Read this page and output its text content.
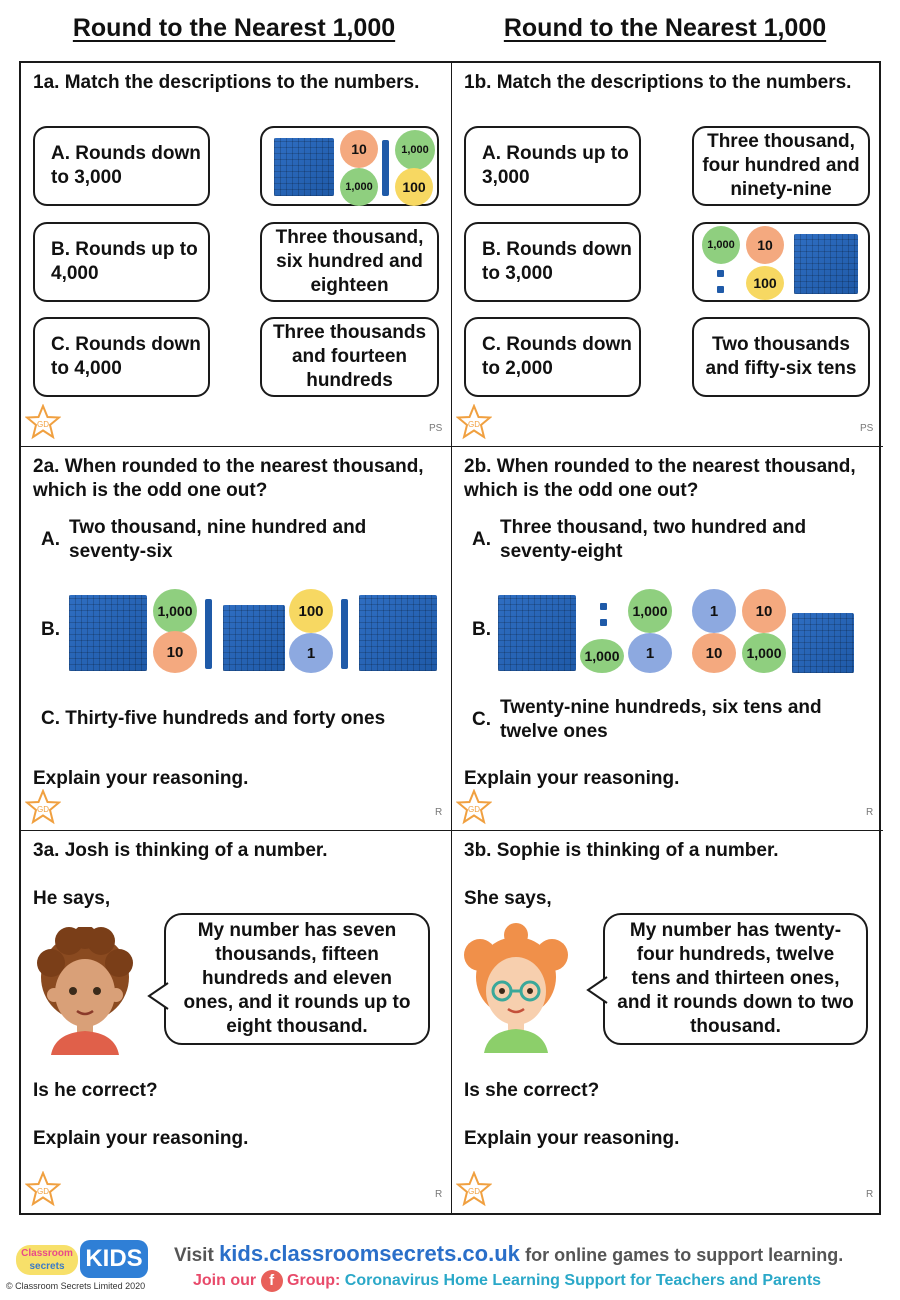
Round to the Nearest 1,000	Round to the Nearest 1,000
1a. Match the descriptions to the numbers.
A. Rounds down to 3,000
B. Rounds up to 4,000
C. Rounds down to 4,000
10	1,000
1,000	100
Three thousand, six hundred and eighteen
Three thousands and fourteen hundreds
GD	PS
1b. Match the descriptions to the numbers.
A. Rounds up to 3,000
B. Rounds down to 3,000
C. Rounds down to 2,000
Three thousand, four hundred and ninety-nine
1,000	10
100
Two thousands and fifty-six tens
GD	PS
2a. When rounded to the nearest thousand, which is the odd one out?
A.
Two thousand, nine hundred and seventy-six
B.
1,000
10
100
1
C. Thirty-five hundreds and forty ones
Explain your reasoning.
GD	R
2b. When rounded to the nearest thousand, which is the odd one out?
A.
Three thousand, two hundred and seventy-eight
B.
1,000
1,000
1
1
10
10
1,000
C.
Twenty-nine hundreds, six tens and twelve ones
Explain your reasoning.
GD	R
3a. Josh is thinking of a number.
He says,
My number has seven thousands, fifteen hundreds and eleven ones, and it rounds up to eight thousand.
Is he correct?
Explain your reasoning.
GD	R
3b. Sophie is thinking of a number.
She says,
My number has twenty-four hundreds, twelve tens and thirteen ones, and it rounds down to two thousand.
Is she correct?
Explain your reasoning.
GD	R
Classroom
secrets KIDS Visit kids.classroomsecrets.co.uk for online games to support learning.
Join our f Group: Coronavirus Home Learning Support for Teachers and Parents
© Classroom Secrets Limited 2020
